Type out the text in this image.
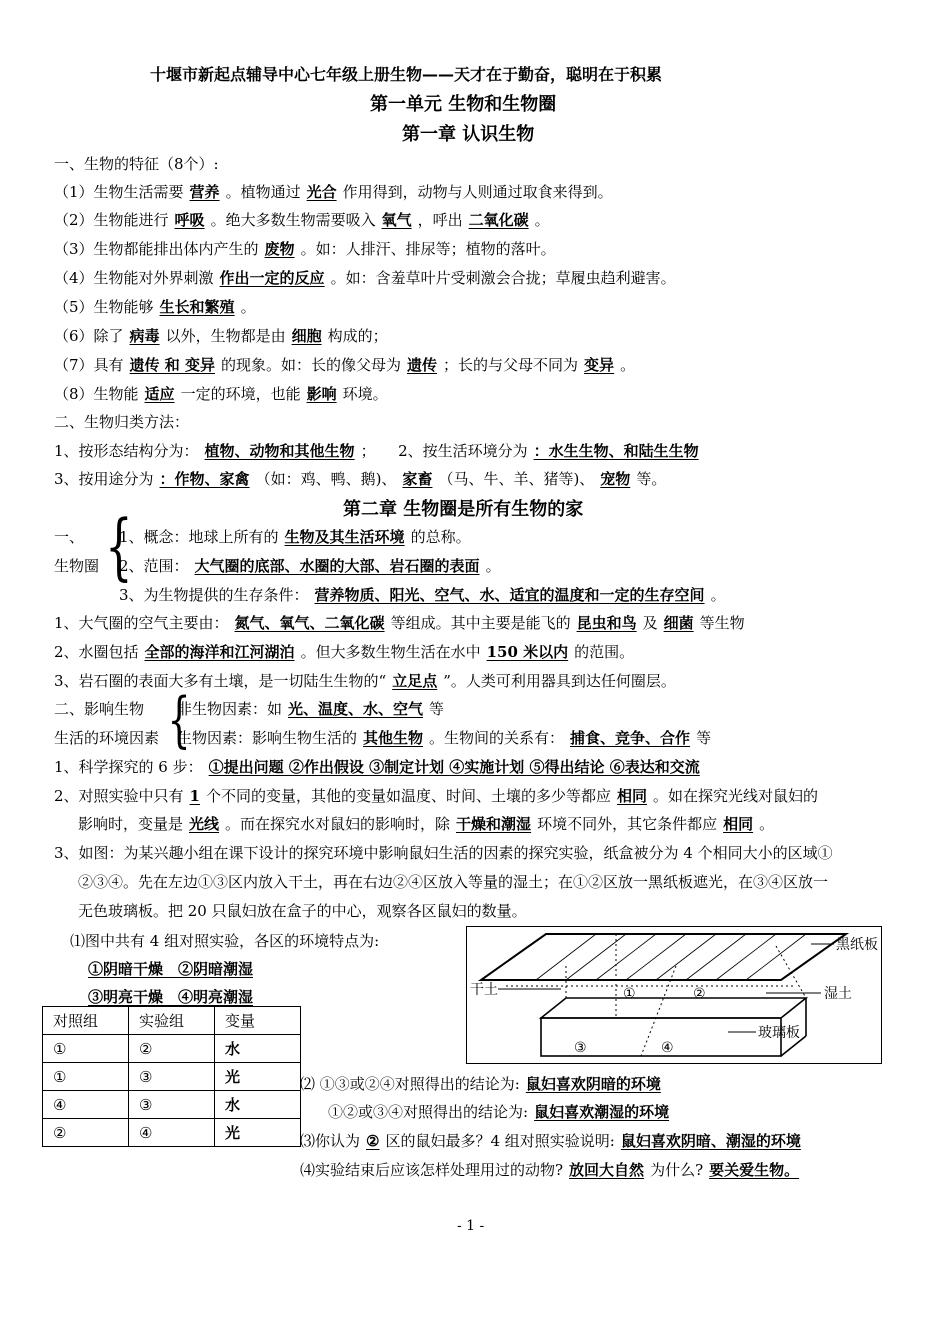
十堰市新起点辅导中心七年级上册生物——天才在于勤奋，聪明在于积累
第一单元 生物和生物圈
第一章 认识生物
一、生物的特征（8个）:
（1）生物生活需要 营养 。植物通过 光合 作用得到，动物与人则通过取食来得到。
（2）生物能进行 呼吸 。绝大多数生物需要吸入 氧气 ，呼出 二氧化碳 。
（3）生物都能排出体内产生的 废物 。如：人排汗、排尿等；植物的落叶。
（4）生物能对外界刺激 作出一定的反应 。如：含羞草叶片受刺激会合拢；草履虫趋利避害。
（5）生物能够 生长和繁殖 。
（6）除了 病毒 以外，生物都是由 细胞 构成的；
（7）具有 遗传 和 变异 的现象。如：长的像父母为 遗传 ；长的与父母不同为 变异 。
（8）生物能 适应 一定的环境，也能 影响 环境。
二、生物归类方法：
1、按形态结构分为： 植物、动物和其他生物 ；　　2、按生活环境分为 ：水生生物、和陆生生物
3、按用途分为 ：作物、家禽 （如：鸡、鸭、鹅)、 家畜 （马、牛、羊、猪等)、 宠物 等。
第二章 生物圈是所有生物的家
一、
生物圈 {
1、概念：地球上所有的 生物及其生活环境 的总称。
2、范围： 大气圈的底部、水圈的大部、岩石圈的表面 。
3、为生物提供的生存条件： 营养物质、阳光、空气、水、适宜的温度和一定的生存空间 。
1、大气圈的空气主要由： 氮气、氧气、二氧化碳 等组成。其中主要是能飞的 昆虫和鸟 及 细菌 等生物
2、水圈包括 全部的海洋和江河湖泊 。但大多数生物生活在水中 150 米以内 的范围。
3、岩石圈的表面大多有土壤，是一切陆生生物的“ 立足点 ”。人类可利用器具到达任何圈层。
二、影响生物
生活的环境因素 {
非生物因素：如 光、温度、水、空气 等
生物因素：影响生物生活的 其他生物 。生物间的关系有： 捕食、竞争、合作 等
1、科学探究的 6 步： ①提出问题 ②作出假设 ③制定计划 ④实施计划 ⑤得出结论 ⑥表达和交流
2、对照实验中只有 1 个不同的变量，其他的变量如温度、时间、土壤的多少等都应 相同 。如在探究光线对鼠妇的
影响时，变量是 光线 。而在探究水对鼠妇的影响时，除 干燥和潮湿 环境不同外，其它条件都应 相同 。
3、如图：为某兴趣小组在课下设计的探究环境中影响鼠妇生活的因素的探究实验，纸盒被分为 4 个相同大小的区域①
②③④。先在左边①③区内放入干土，再在右边②④区放入等量的湿土；在①②区放一黑纸板遮光，在③④区放一
无色玻璃板。把 20 只鼠妇放在盒子的中心，观察各区鼠妇的数量。
⑴图中共有 4 组对照实验，各区的环境特点为:
①阴暗干燥　②阴暗潮湿
③明亮干燥　④明亮潮湿
对照组	实验组	变量
①	②	水
①	③	光
④	③	水
②	④	光
黑纸板
干土	湿土
玻璃板
①	②
③	④
⑵ ①③或②④对照得出的结论为: 鼠妇喜欢阴暗的环境
①②或③④对照得出的结论为: 鼠妇喜欢潮湿的环境
⑶你认为 ② 区的鼠妇最多？4 组对照实验说明: 鼠妇喜欢阴暗、潮湿的环境
⑷实验结束后应该怎样处理用过的动物? 放回大自然 为什么? 要关爱生物。
- 1 -
